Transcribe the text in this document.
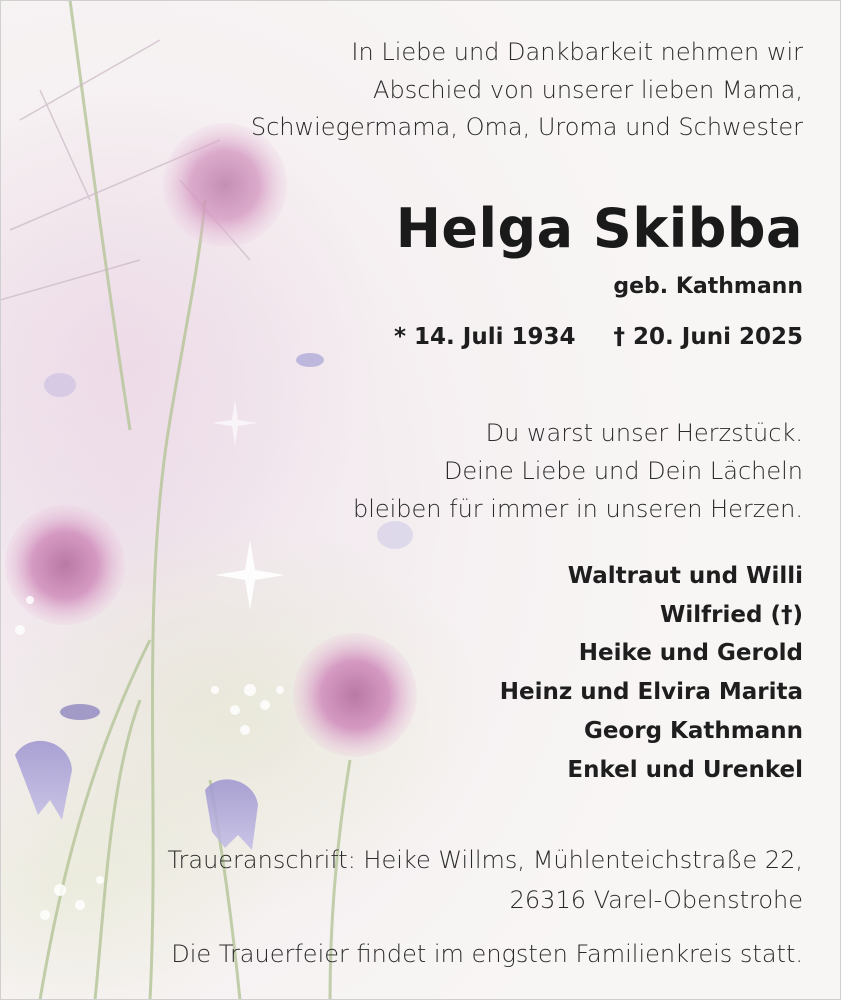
In Liebe und Dankbarkeit nehmen wir
Abschied von unserer lieben Mama,
Schwiegermama, Oma, Uroma und Schwester
Helga Skibba
geb. Kathmann
* 14. Juli 1934 † 20. Juni 2025
Du warst unser Herzstück.
Deine Liebe und Dein Lächeln
bleiben für immer in unseren Herzen.
Waltraut und Willi
Wilfried (†)
Heike und Gerold
Heinz und Elvira Marita
Georg Kathmann
Enkel und Urenkel
Traueranschrift: Heike Willms, Mühlenteichstraße 22,
26316 Varel-Obenstrohe
Die Trauerfeier findet im engsten Familienkreis statt.
